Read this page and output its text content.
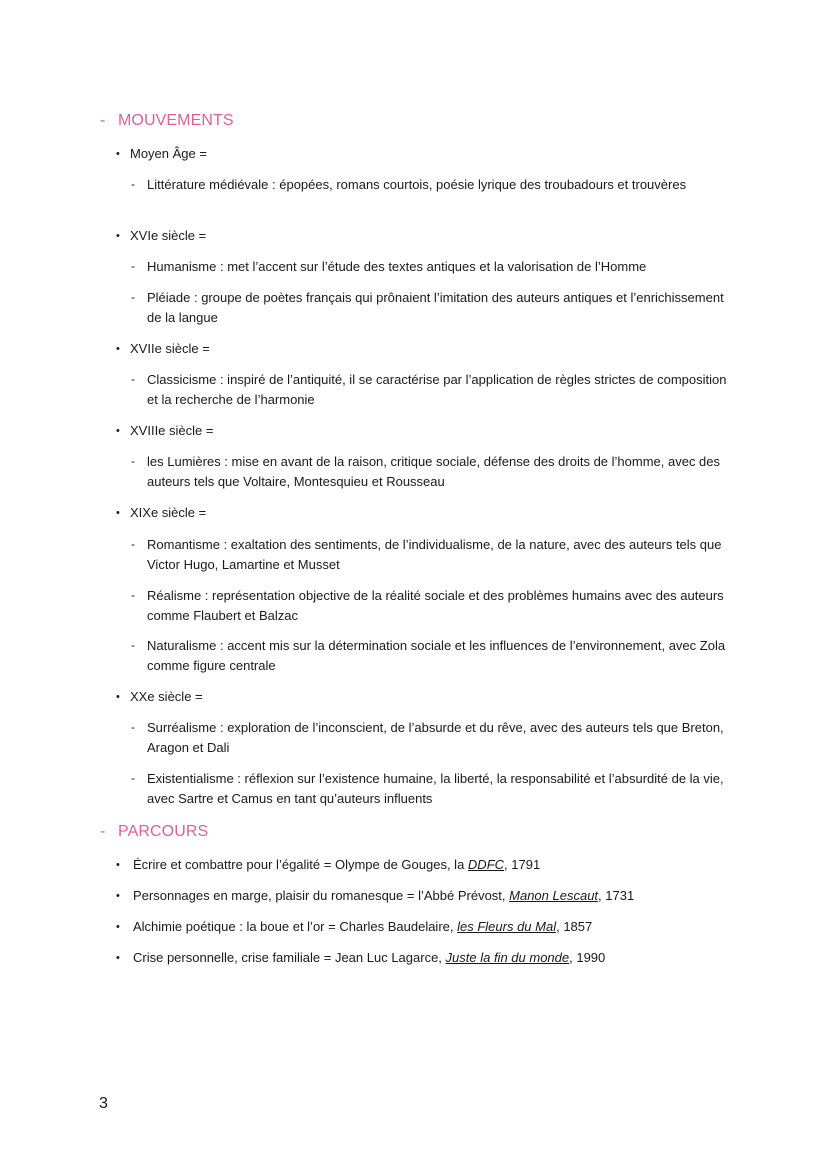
- MOUVEMENTS
• Moyen Âge =
- Littérature médiévale : épopées, romans courtois, poésie lyrique des troubadours et trouvères
• XVIe siècle =
- Humanisme : met l’accent sur l’étude des textes antiques et la valorisation de l’Homme
- Pléiade : groupe de poètes français qui prônaient l’imitation des auteurs antiques et l’enrichissement de la langue
• XVIIe siècle =
- Classicisme : inspiré de l’antiquité, il se caractérise par l’application de règles strictes de composition et la recherche de l’harmonie
• XVIIIe siècle =
- les Lumières : mise en avant de la raison, critique sociale, défense des droits de l’homme, avec des auteurs tels que Voltaire, Montesquieu et Rousseau
• XIXe siècle =
- Romantisme : exaltation des sentiments, de l’individualisme, de la nature, avec des auteurs tels que Victor Hugo, Lamartine et Musset
- Réalisme : représentation objective de la réalité sociale et des problèmes humains avec des auteurs comme Flaubert et Balzac
- Naturalisme : accent mis sur la détermination sociale et les influences de l’environnement, avec Zola comme figure centrale
• XXe siècle =
- Surréalisme : exploration de l’inconscient, de l’absurde et du rêve, avec des auteurs tels que Breton, Aragon et Dali
- Existentialisme : réflexion sur l’existence humaine, la liberté, la responsabilité et l’absurdité de la vie, avec Sartre et Camus en tant qu’auteurs influents
- PARCOURS
•	Écrire et combattre pour l’égalité = Olympe de Gouges, la DDFC, 1791
•	Personnages en marge, plaisir du romanesque = l’Abbé Prévost, Manon Lescaut, 1731
•	Alchimie poétique : la boue et l’or = Charles Baudelaire, les Fleurs du Mal, 1857
•	Crise personnelle, crise familiale = Jean Luc Lagarce, Juste la fin du monde, 1990
3
